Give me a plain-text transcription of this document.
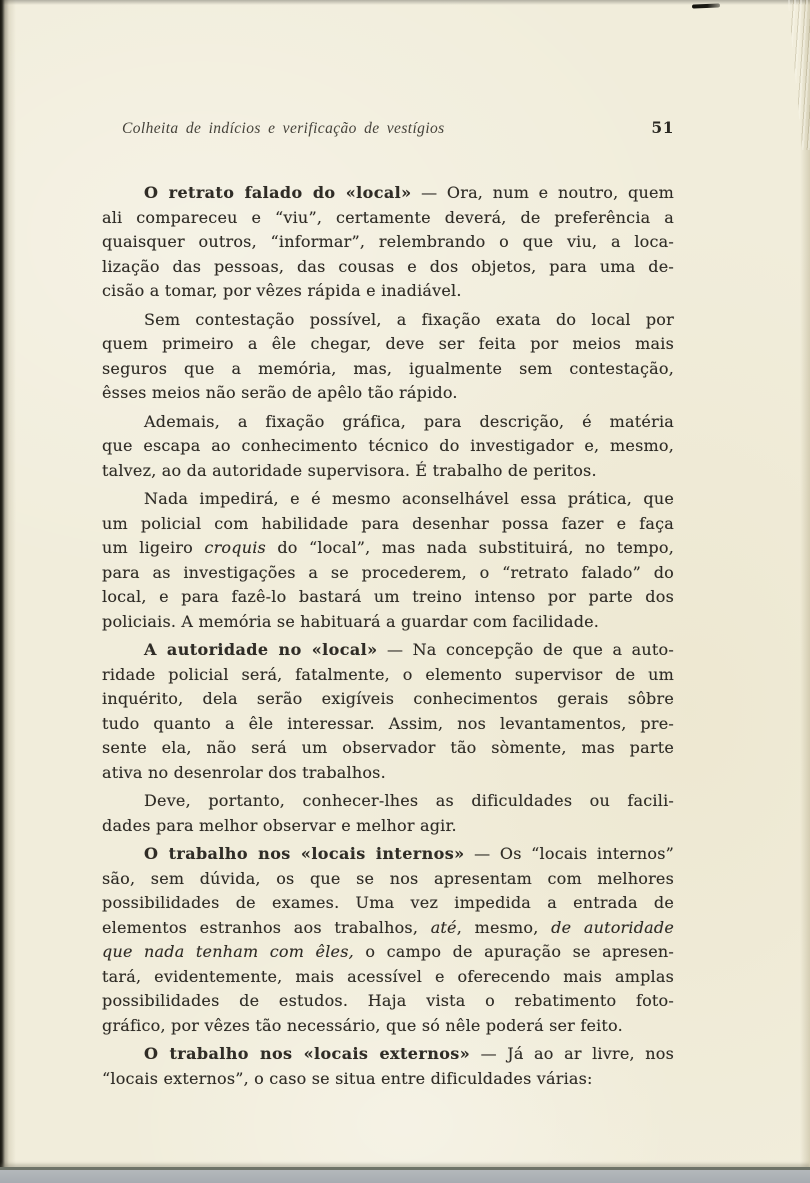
Colheita de indícios e verificação de vestígios	51
O retrato falado do «local» — Ora, num e noutro, quem
ali compareceu e “viu”, certamente deverá, de preferência a
quaisquer outros, “informar”, relembrando o que viu, a loca-
lização das pessoas, das cousas e dos objetos, para uma de-
cisão a tomar, por vêzes rápida e inadiável.
Sem contestação possível, a fixação exata do local por
quem primeiro a êle chegar, deve ser feita por meios mais
seguros que a memória, mas, igualmente sem contestação,
êsses meios não serão de apêlo tão rápido.
Ademais, a fixação gráfica, para descrição, é matéria
que escapa ao conhecimento técnico do investigador e, mesmo,
talvez, ao da autoridade supervisora. É trabalho de peritos.
Nada impedirá, e é mesmo aconselhável essa prática, que
um policial com habilidade para desenhar possa fazer e faça
um ligeiro croquis do “local”, mas nada substituirá, no tempo,
para as investigações a se procederem, o “retrato falado” do
local, e para fazê-lo bastará um treino intenso por parte dos
policiais. A memória se habituará a guardar com facilidade.
A autoridade no «local» — Na concepção de que a auto-
ridade policial será, fatalmente, o elemento supervisor de um
inquérito, dela serão exigíveis conhecimentos gerais sôbre
tudo quanto a êle interessar. Assim, nos levantamentos, pre-
sente ela, não será um observador tão sòmente, mas parte
ativa no desenrolar dos trabalhos.
Deve, portanto, conhecer-lhes as dificuldades ou facili-
dades para melhor observar e melhor agir.
O trabalho nos «locais internos» — Os “locais internos”
são, sem dúvida, os que se nos apresentam com melhores
possibilidades de exames. Uma vez impedida a entrada de
elementos estranhos aos trabalhos, até, mesmo, de autoridade
que nada tenham com êles, o campo de apuração se apresen-
tará, evidentemente, mais acessível e oferecendo mais amplas
possibilidades de estudos. Haja vista o rebatimento foto-
gráfico, por vêzes tão necessário, que só nêle poderá ser feito.
O trabalho nos «locais externos» — Já ao ar livre, nos
“locais externos”, o caso se situa entre dificuldades várias:
